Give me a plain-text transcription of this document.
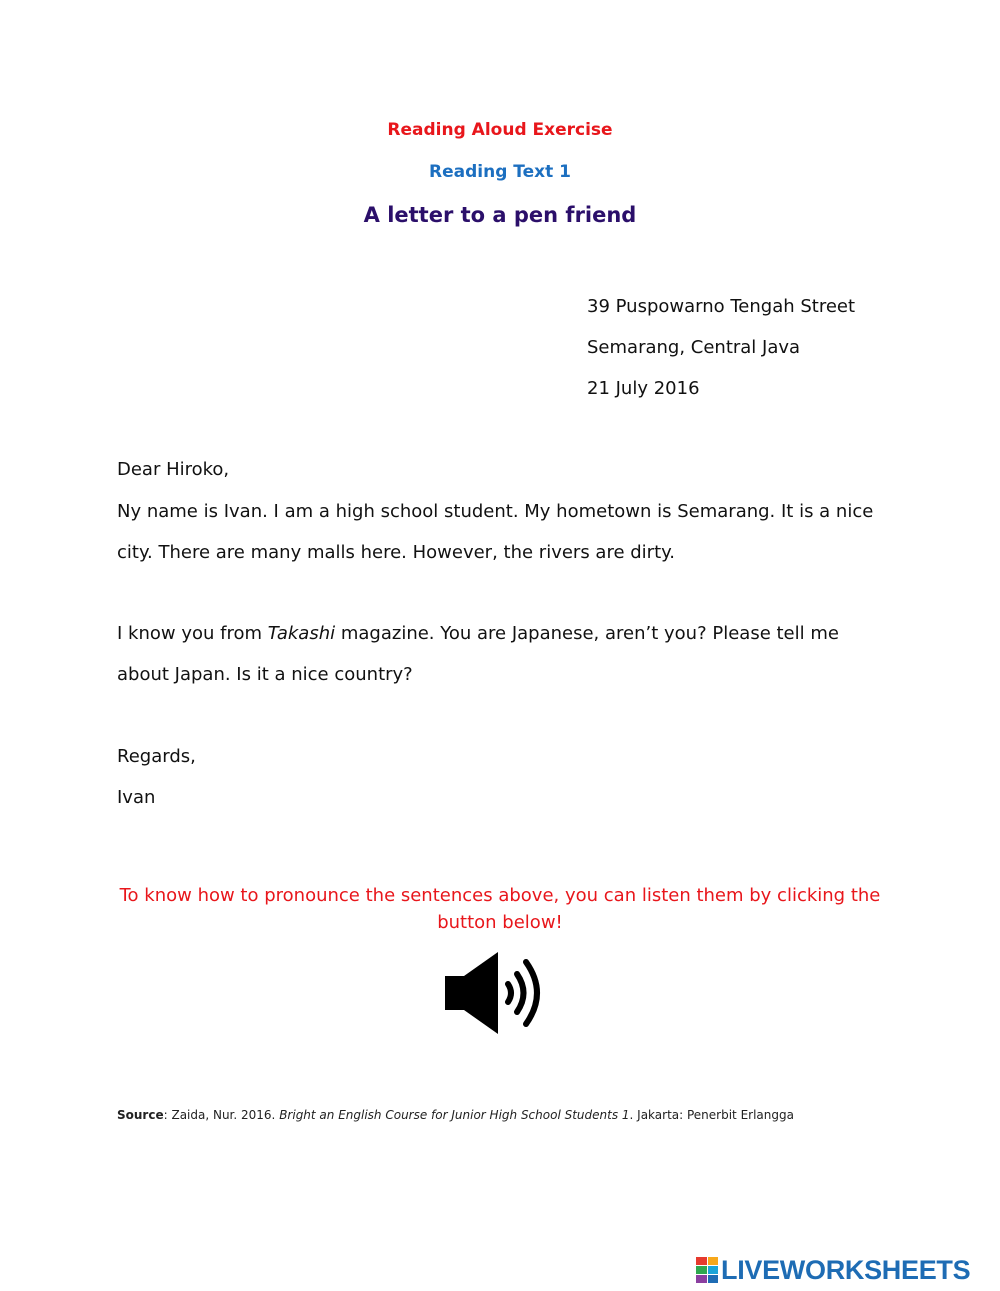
Reading Aloud Exercise
Reading Text 1
A letter to a pen friend
39 Puspowarno Tengah Street
Semarang, Central Java
21 July 2016
Dear Hiroko,
Ny name is Ivan. I am a high school student. My hometown is Semarang. It is a nice
city. There are many malls here. However, the rivers are dirty.
I know you from Takashi magazine. You are Japanese, aren’t you? Please tell me
about Japan. Is it a nice country?
Regards,
Ivan
To know how to pronounce the sentences above, you can listen them by clicking the button below!
Source: Zaida, Nur. 2016. Bright an English Course for Junior High School Students 1. Jakarta: Penerbit Erlangga
LIVEWORKSHEETS
